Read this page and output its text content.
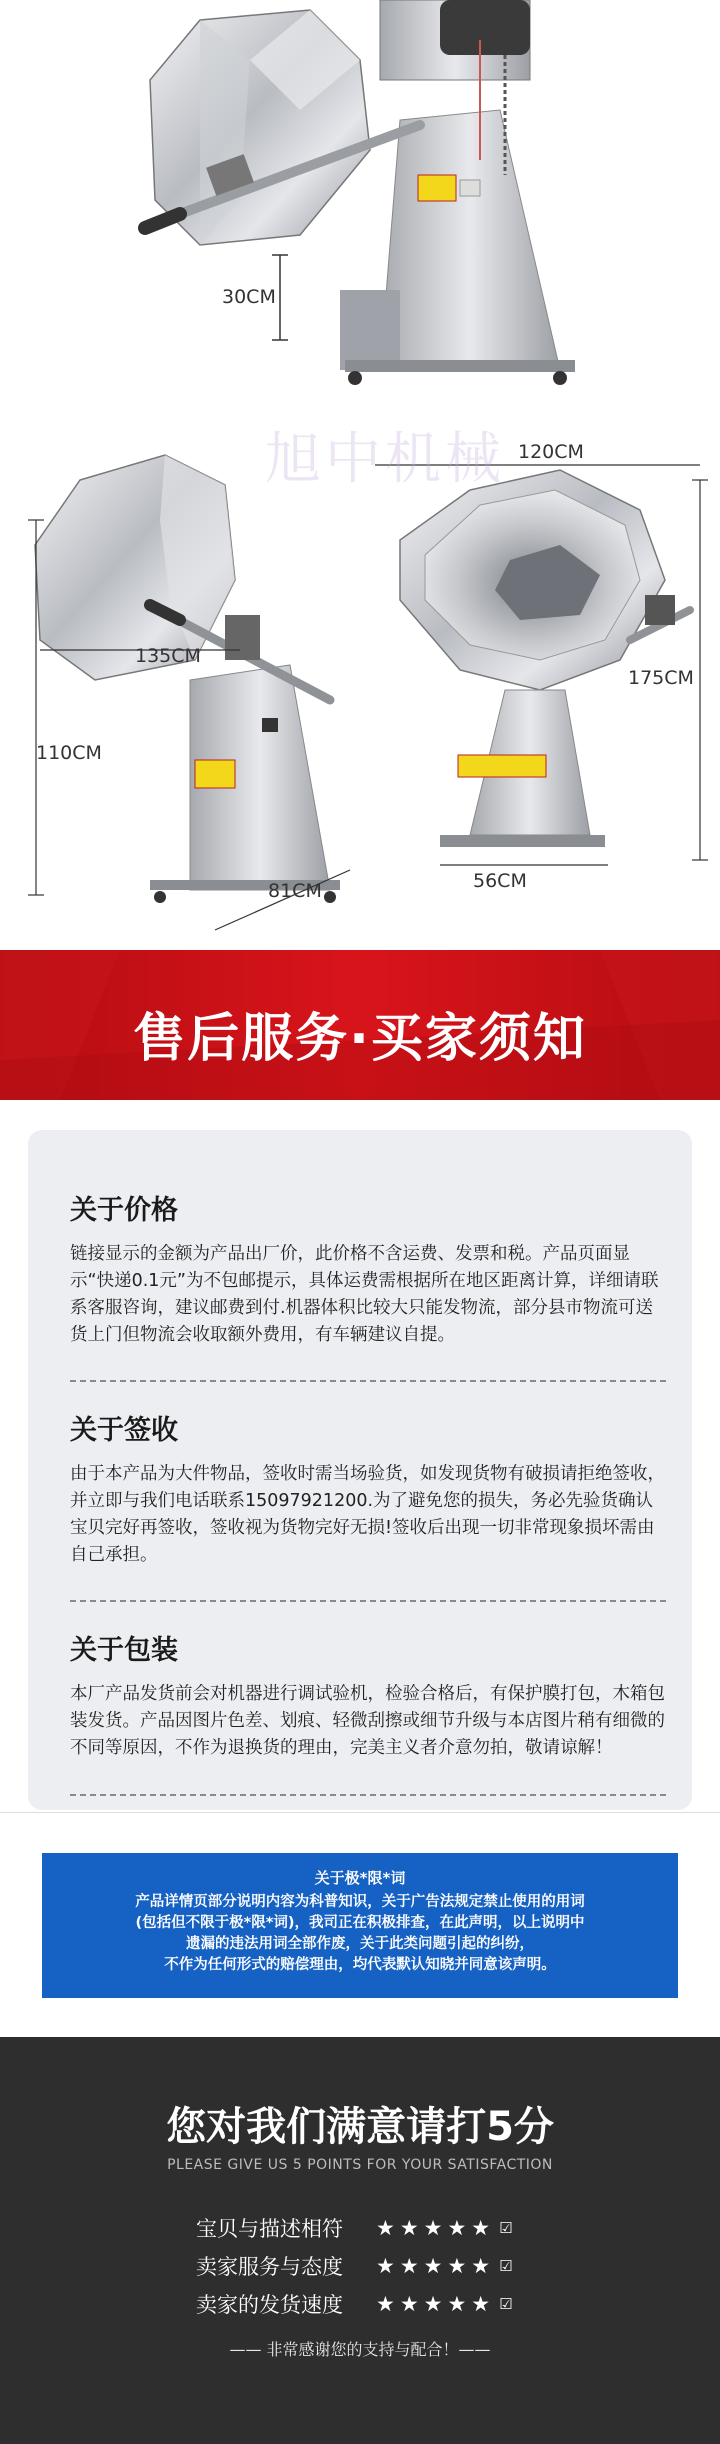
旭中机械
30CM
120CM
135CM
175CM
110CM
81CM	56CM
售后服务·买家须知
关于价格

链接显示的金额为产品出厂价，此价格不含运费、发票和税。产品页面显示“快递0.1元”为不包邮提示，具体运费需根据所在地区距离计算，详细请联系客服咨询，建议邮费到付.机器体积比较大只能发物流，部分县市物流可送货上门但物流会收取额外费用，有车辆建议自提。

关于签收

由于本产品为大件物品，签收时需当场验货，如发现货物有破损请拒绝签收，并立即与我们电话联系15097921200.为了避免您的损失，务必先验货确认宝贝完好再签收，签收视为货物完好无损!签收后出现一切非常现象损坏需由自己承担。

关于包装

本厂产品发货前会对机器进行调试验机，检验合格后，有保护膜打包，木箱包装发货。产品因图片色差、划痕、轻微刮擦或细节升级与本店图片稍有细微的不同等原因，不作为退换货的理由，完美主义者介意勿拍，敬请谅解！

关于极*限*词
产品详情页部分说明内容为科普知识，关于广告法规定禁止使用的用词
(包括但不限于极*限*词)，我司正在积极排查，在此声明，以上说明中
遗漏的违法用词全部作废，关于此类问题引起的纠纷，
不作为任何形式的赔偿理由，均代表默认知晓并同意该声明。
您对我们满意请打5分
PLEASE GIVE US 5 POINTS FOR YOUR SATISFACTION
宝贝与描述相符	★★★★★ ☑
卖家服务与态度	★★★★★ ☑
卖家的发货速度	★★★★★ ☑
—— 非常感谢您的支持与配合！——
